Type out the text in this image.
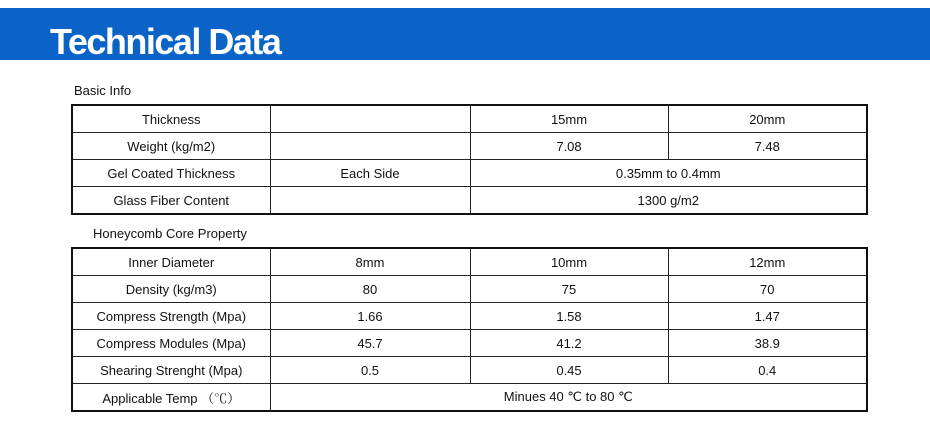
Technical Data
Basic Info
Thickness		15mm	20mm
Weight (kg/m2)		7.08	7.48
Gel Coated Thickness	Each Side	0.35mm to 0.4mm	
Glass Fiber Content		1300 g/m2	
Honeycomb Core Property
Inner Diameter	8mm	10mm	12mm
Density (kg/m3)	80	75	70
Compress Strength (Mpa)	1.66	1.58	1.47
Compress Modules (Mpa)	45.7	41.2	38.9
Shearing Strenght (Mpa)	0.5	0.45	0.4
Applicable Temp （℃）	Minues 40 ℃ to 80 ℃		
